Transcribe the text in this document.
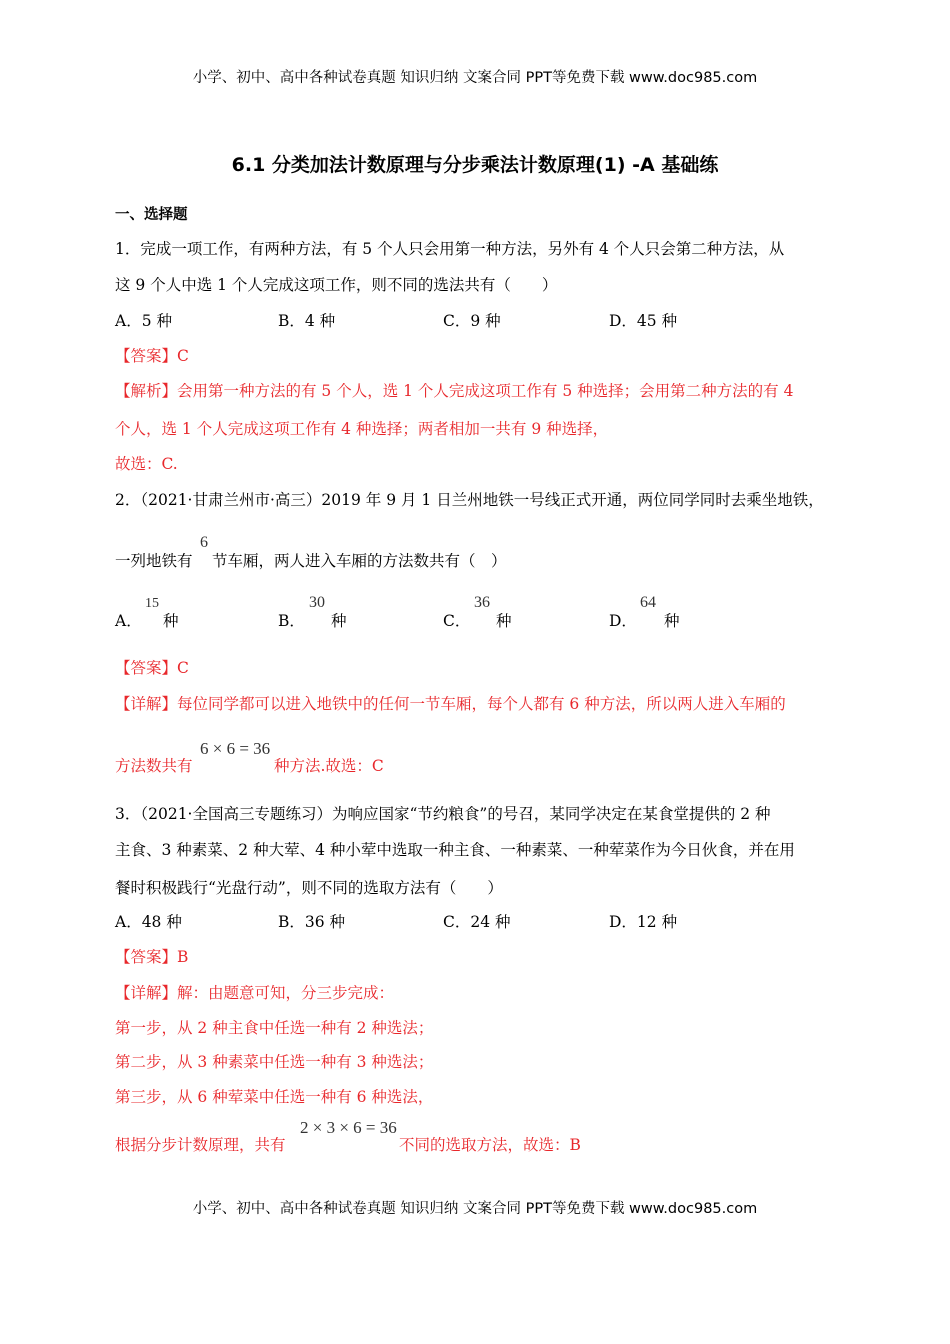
小学、初中、高中各种试卷真题 知识归纳 文案合同 PPT等免费下载 www.doc985.com
6.1 分类加法计数原理与分步乘法计数原理(1) -A 基础练
一、选择题
1．完成一项工作，有两种方法，有 5 个人只会用第一种方法，另外有 4 个人只会第二种方法，从
这 9 个人中选 1 个人完成这项工作，则不同的选法共有（　　）
A．5 种	B．4 种	C．9 种	D．45 种
【答案】C
【解析】会用第一种方法的有 5 个人，选 1 个人完成这项工作有 5 种选择；会用第二种方法的有 4
个人，选 1 个人完成这项工作有 4 种选择；两者相加一共有 9 种选择，
故选：C.
2．（2021·甘肃兰州市·高三）2019 年 9 月 1 日兰州地铁一号线正式开通，两位同学同时去乘坐地铁，
一列地铁有
6
节车厢，两人进入车厢的方法数共有（　）
A．
15
种	B．
30
种	C．
36
种	D．
64
种
【答案】C
【详解】每位同学都可以进入地铁中的任何一节车厢，每个人都有 6 种方法，所以两人进入车厢的
方法数共有
6 × 6 = 36
种方法.故选：C
3．（2021·全国高三专题练习）为响应国家“节约粮食”的号召，某同学决定在某食堂提供的 2 种
主食、3 种素菜、2 种大荤、4 种小荤中选取一种主食、一种素菜、一种荤菜作为今日伙食，并在用
餐时积极践行“光盘行动”，则不同的选取方法有（　　）
A．48 种	B．36 种	C．24 种	D．12 种
【答案】B
【详解】解：由题意可知，分三步完成：
第一步，从 2 种主食中任选一种有 2 种选法；
第二步，从 3 种素菜中任选一种有 3 种选法；
第三步，从 6 种荤菜中任选一种有 6 种选法，
根据分步计数原理，共有
2 × 3 × 6 = 36
不同的选取方法，故选：B
小学、初中、高中各种试卷真题 知识归纳 文案合同 PPT等免费下载 www.doc985.com
